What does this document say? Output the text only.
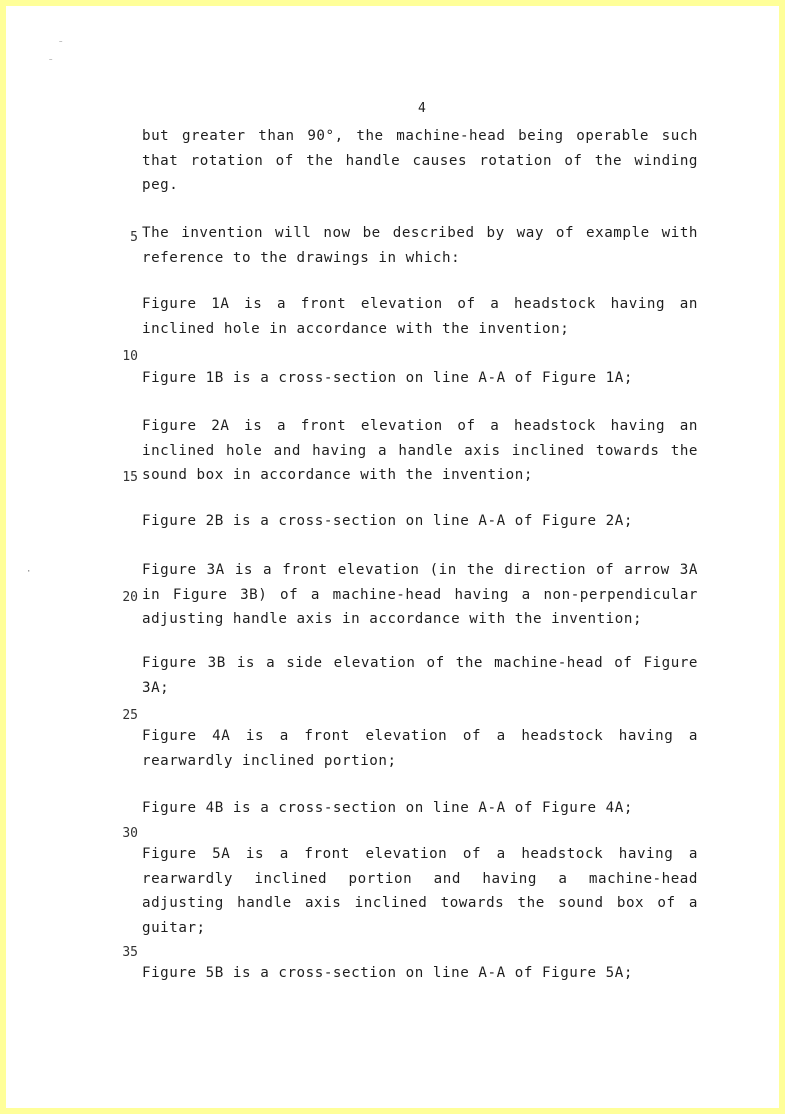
⁻
⁻
·
4
5
10
15
20
25
30
35
but greater than 90°, the machine-head being operable such that rotation of the handle causes rotation of the winding peg.
The invention will now be described by way of example with reference to the drawings in which:
Figure 1A is a front elevation of a headstock having an inclined hole in accordance with the invention;
Figure 1B is a cross-section on line A-A of Figure 1A;
Figure 2A is a front elevation of a headstock having an inclined hole and having a handle axis inclined towards the sound box in accordance with the invention;
Figure 2B is a cross-section on line A-A of Figure 2A;
Figure 3A is a front elevation (in the direction of arrow 3A in Figure 3B) of a machine-head having a non-perpendicular adjusting handle axis in accordance with the invention;
Figure 3B is a side elevation of the machine-head of Figure 3A;
Figure 4A is a front elevation of a headstock having a rearwardly inclined portion;
Figure 4B is a cross-section on line A-A of Figure 4A;
Figure 5A is a front elevation of a headstock having a rearwardly inclined portion and having a machine-head adjusting handle axis inclined towards the sound box of a guitar;
Figure 5B is a cross-section on line A-A of Figure 5A;
